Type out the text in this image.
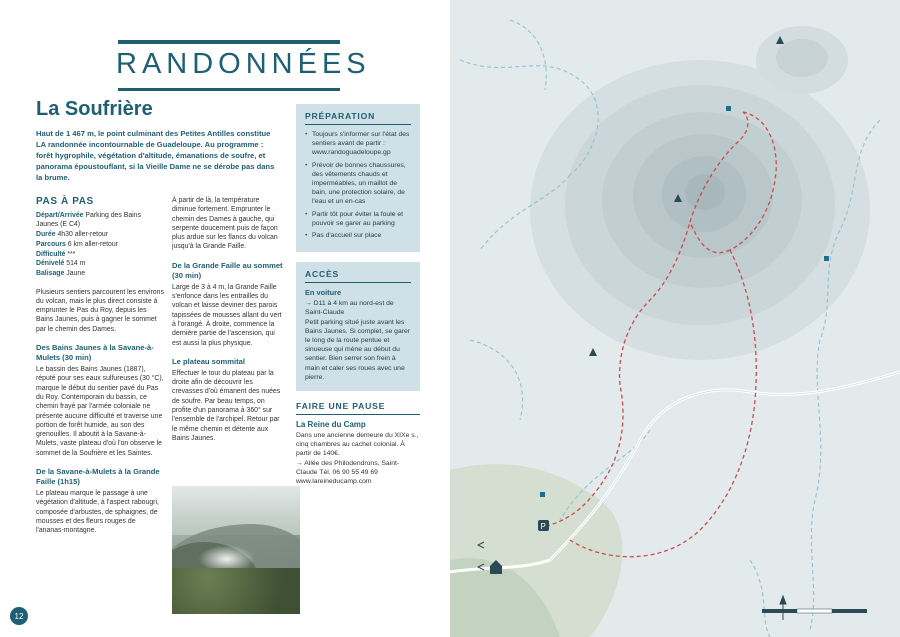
RANDONNÉES
La Soufrière
Haut de 1 467 m, le point culminant des Petites Antilles constitue LA randonnée incontournable de Guadeloupe. Au programme : forêt hygrophile, végétation d'altitude, émanations de soufre, et panorama époustouflant, si la Vieille Dame ne se dérobe pas dans la brume.
PAS À PAS
Départ/Arrivée Parking des Bains Jaunes (E C4)
Durée 4h30 aller-retour
Parcours 6 km aller-retour
Difficulté ***
Dénivelé 514 m
Balisage Jaune
Plusieurs sentiers parcourent les environs du volcan, mais le plus direct consiste à emprunter le Pas du Roy, depuis les Bains Jaunes, puis à gagner le sommet par le chemin des Dames.
Des Bains Jaunes à la Savane-à-Mulets (30 min)
Le bassin des Bains Jaunes (1887), réputé pour ses eaux sulfureuses (30 °C), marque le début du sentier pavé du Pas du Roy. Contemporain du bassin, ce chemin frayé par l'armée coloniale ne présente aucune difficulté et traverse une portion de forêt humide, au son des grenouilles. Il aboutit à la Savane-à-Mulets, vaste plateau d'où l'on observe le sommet de la Soufrière et les Saintes.
De la Savane-à-Mulets à la Grande Faille (1h15)
Le plateau marque le passage à une végétation d'altitude, à l'aspect rabougri, composée d'arbustes, de sphaignes, de mousses et des fleurs rouges de l'ananas-montagne.
À partir de là, la température diminue fortement. Emprunter le chemin des Dames à gauche, qui serpente doucement puis de façon plus ardue sur les flancs du volcan jusqu'à la Grande Faille.
De la Grande Faille au sommet (30 min)
Large de 3 à 4 m, la Grande Faille s'enfonce dans les entrailles du volcan et laisse deviner des parois tapissées de mousses allant du vert à l'orangé. À droite, commence la dernière partie de l'ascension, qui est aussi la plus physique.
Le plateau sommital
Effectuer le tour du plateau par la droite afin de découvrir les crevasses d'où émanent des nuées de soufre. Par beau temps, on profite d'un panorama à 360° sur l'ensemble de l'archipel. Retour par le même chemin et détente aux Bains Jaunes.
PRÉPARATION
• Toujours s'informer sur l'état des sentiers avant de partir : www.randoguadeloupe.gp
• Prévoir de bonnes chaussures, des vêtements chauds et imperméables, un maillot de bain, une protection solaire, de l'eau et un en-cas
• Partir tôt pour éviter la foule et pouvoir se garer au parking
• Pas d'accueil sur place
ACCÈS
En voiture

→ D11 à 4 km au nord-est de Saint-Claude

Petit parking situé juste avant les Bains Jaunes. Si complet, se garer le long de la route pentue et sinueuse qui mène au début du sentier. Bien serrer son frein à main et caler ses roues avec une pierre.

FAIRE UNE PAUSE
La Reine du Camp
Dans une ancienne demeure du XIXe s., cinq chambres au cachet colonial. À partir de 140€.
→ Allée des Philodendrons, Saint-Claude Tél. 06 90 55 49 69
www.lareineducamp.com
12
P
